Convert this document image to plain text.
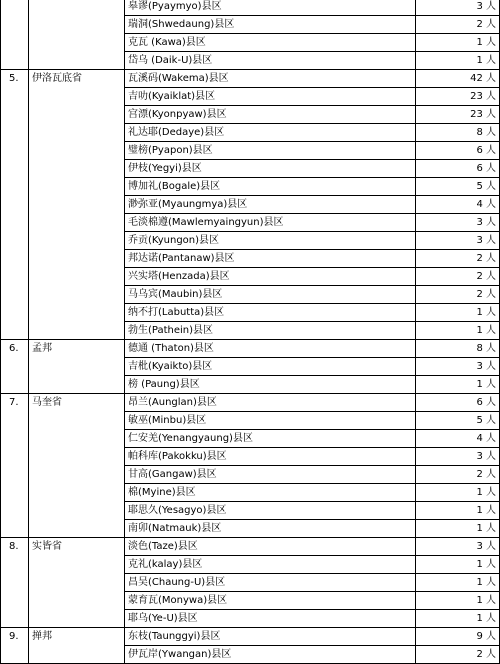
		皋谬(Pyaymyo)县区	3 人
		瑞洞(Shwedaung)县区	2 人
		克瓦 (Kawa)县区	1 人
		岱乌 (Daik-U)县区	1 人
5.	伊洛瓦底省	瓦溪码(Wakema)县区	42 人
		吉叻(Kyaiklat)县区	23 人
		宫漂(Kyonpyaw)县区	23 人
		礼达耶(Dedaye)县区	8 人
		璧榜(Pyapon)县区	6 人
		伊枝(Yegyi)县区	6 人
		博加礼(Bogale)县区	5 人
		渺弥亚(Myaungmya)县区	4 人
		毛淡棉遵(Mawlemyaingyun)县区	3 人
		乔贡(Kyungon)县区	3 人
		邦达诺(Pantanaw)县区	2 人
		兴实塔(Henzada)县区	2 人
		马乌宾(Maubin)县区	2 人
		纳不打(Labutta)县区	1 人
		勃生(Pathein)县区	1 人
6.	孟邦	德通 (Thaton)县区	8 人
		吉枇(Kyaikto)县区	3 人
		榜 (Paung)县区	1 人
7.	马奎省	昂兰(Aunglan)县区	6 人
		敏巫(Minbu)县区	5 人
		仁安羌(Yenangyaung)县区	4 人
		帕科库(Pakokku)县区	3 人
		甘高(Gangaw)县区	2 人
		棉(Myine)县区	1 人
		耶思久(Yesagyo)县区	1 人
		南卯(Natmauk)县区	1 人
8.	实皆省	淡色(Taze)县区	3 人
		克礼(kalay)县区	1 人
		昌吴(Chaung-U)县区	1 人
		蒙育瓦(Monywa)县区	1 人
		耶乌(Ye-U)县区	1 人
9.	掸邦	东枝(Taunggyi)县区	9 人
		伊瓦岸(Ywangan)县区	2 人
